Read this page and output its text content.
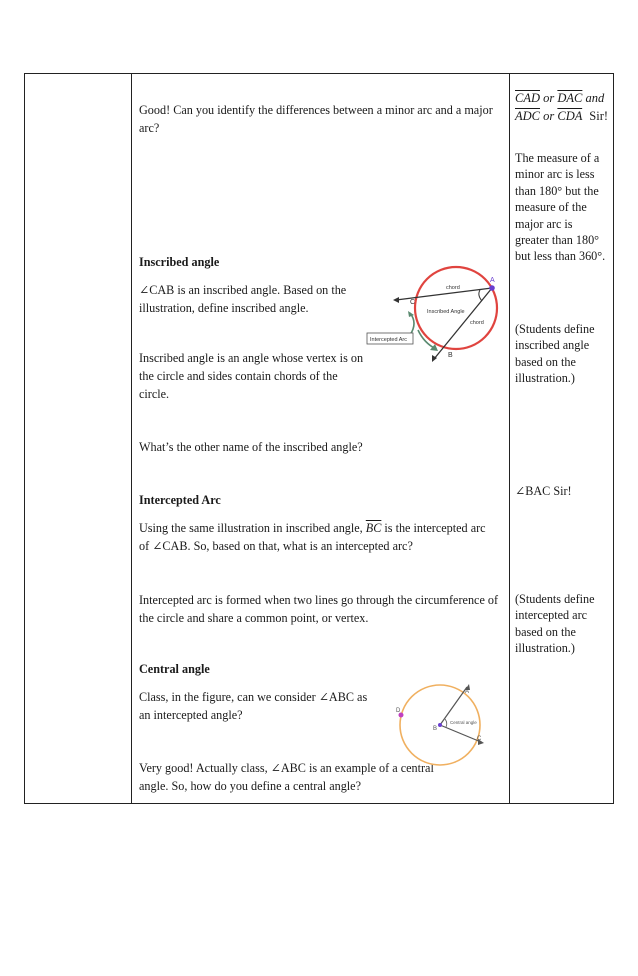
Good! Can you identify the differences between a minor arc and a major arc?
Inscribed angle
∠CAB is an inscribed angle. Based on the illustration, define inscribed angle.
Inscribed angle is an angle whose vertex is on the circle and sides contain chords of the circle.
What’s the other name of the inscribed angle?
Intercepted Arc
Using the same illustration in inscribed angle, $\overline{BC}$ is the intercepted arc
of ∠CAB. So, based on that, what is an intercepted arc?
Intercepted arc is formed when two lines go through the circumference of the circle and share a common point, or vertex.
Central angle
Class, in the figure, can we consider ∠ABC as an intercepted angle?
Very good! Actually class, ∠ABC is an example of a central angle. So, how do you define a central angle?
$\overline{CAD}$ or $\overline{DAC}$ and
$\overline{ADC}$ or $\overline{CDA}$ Sir!
The measure of a minor arc is less than 180° but the measure of the major arc is greater than 180° but less than 360°.
(Students define inscribed angle based on the illustration.)
∠BAC Sir!
(Students define intercepted arc based on the illustration.)
A
B
C
chord
chord
Inscribed Angle
Intercepted Arc
A
B
C
D
Central angle
